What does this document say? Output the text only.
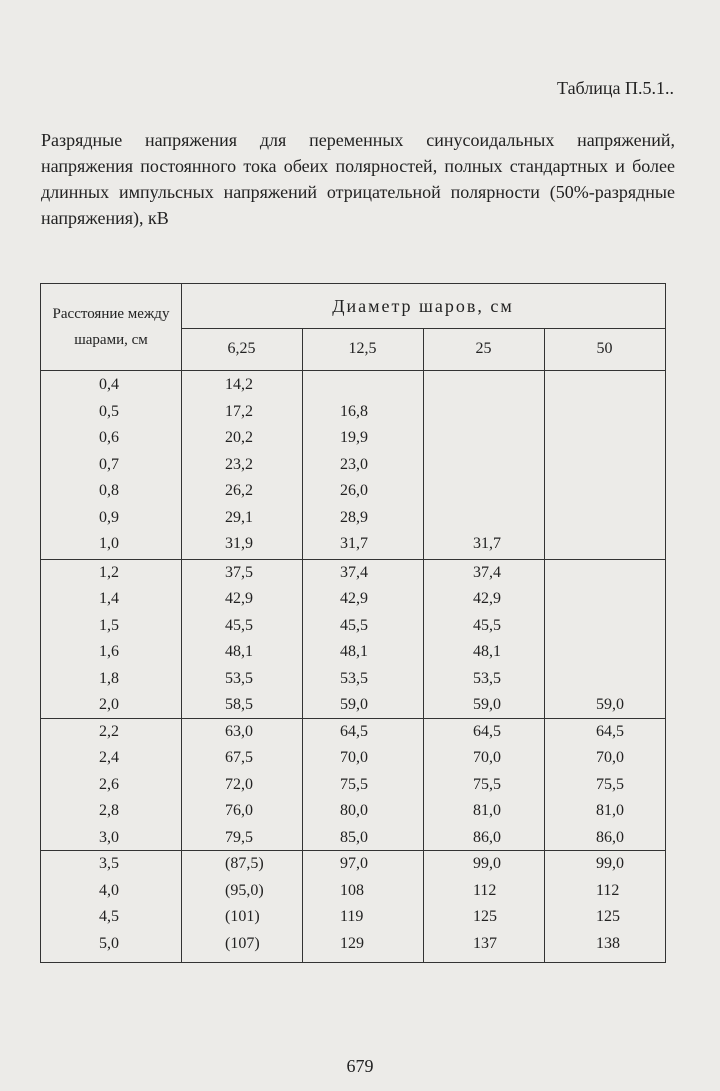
Таблица П.5.1..
Разрядные напряжения для переменных синусоидальных напряжений, напряжения постоянного тока обеих полярностей, полных стандартных и более длинных импульсных напряжений отрицательной полярности (50%-разрядные напряжения), кВ
Расстояние между шарами, см
Диаметр шаров, см
6,25	12,5	25	50
0,4	14,2
0,5	17,2	16,8
0,6	20,2	19,9
0,7	23,2	23,0
0,8	26,2	26,0
0,9	29,1	28,9
1,0	31,9	31,7	31,7
1,2	37,5	37,4	37,4
1,4	42,9	42,9	42,9
1,5	45,5	45,5	45,5
1,6	48,1	48,1	48,1
1,8	53,5	53,5	53,5
2,0	58,5	59,0	59,0	59,0
2,2	63,0	64,5	64,5	64,5
2,4	67,5	70,0	70,0	70,0
2,6	72,0	75,5	75,5	75,5
2,8	76,0	80,0	81,0	81,0
3,0	79,5	85,0	86,0	86,0
3,5	(87,5)	97,0	99,0	99,0
4,0	(95,0)	108	112	112
4,5	(101)	119	125	125
5,0	(107)	129	137	138
679
